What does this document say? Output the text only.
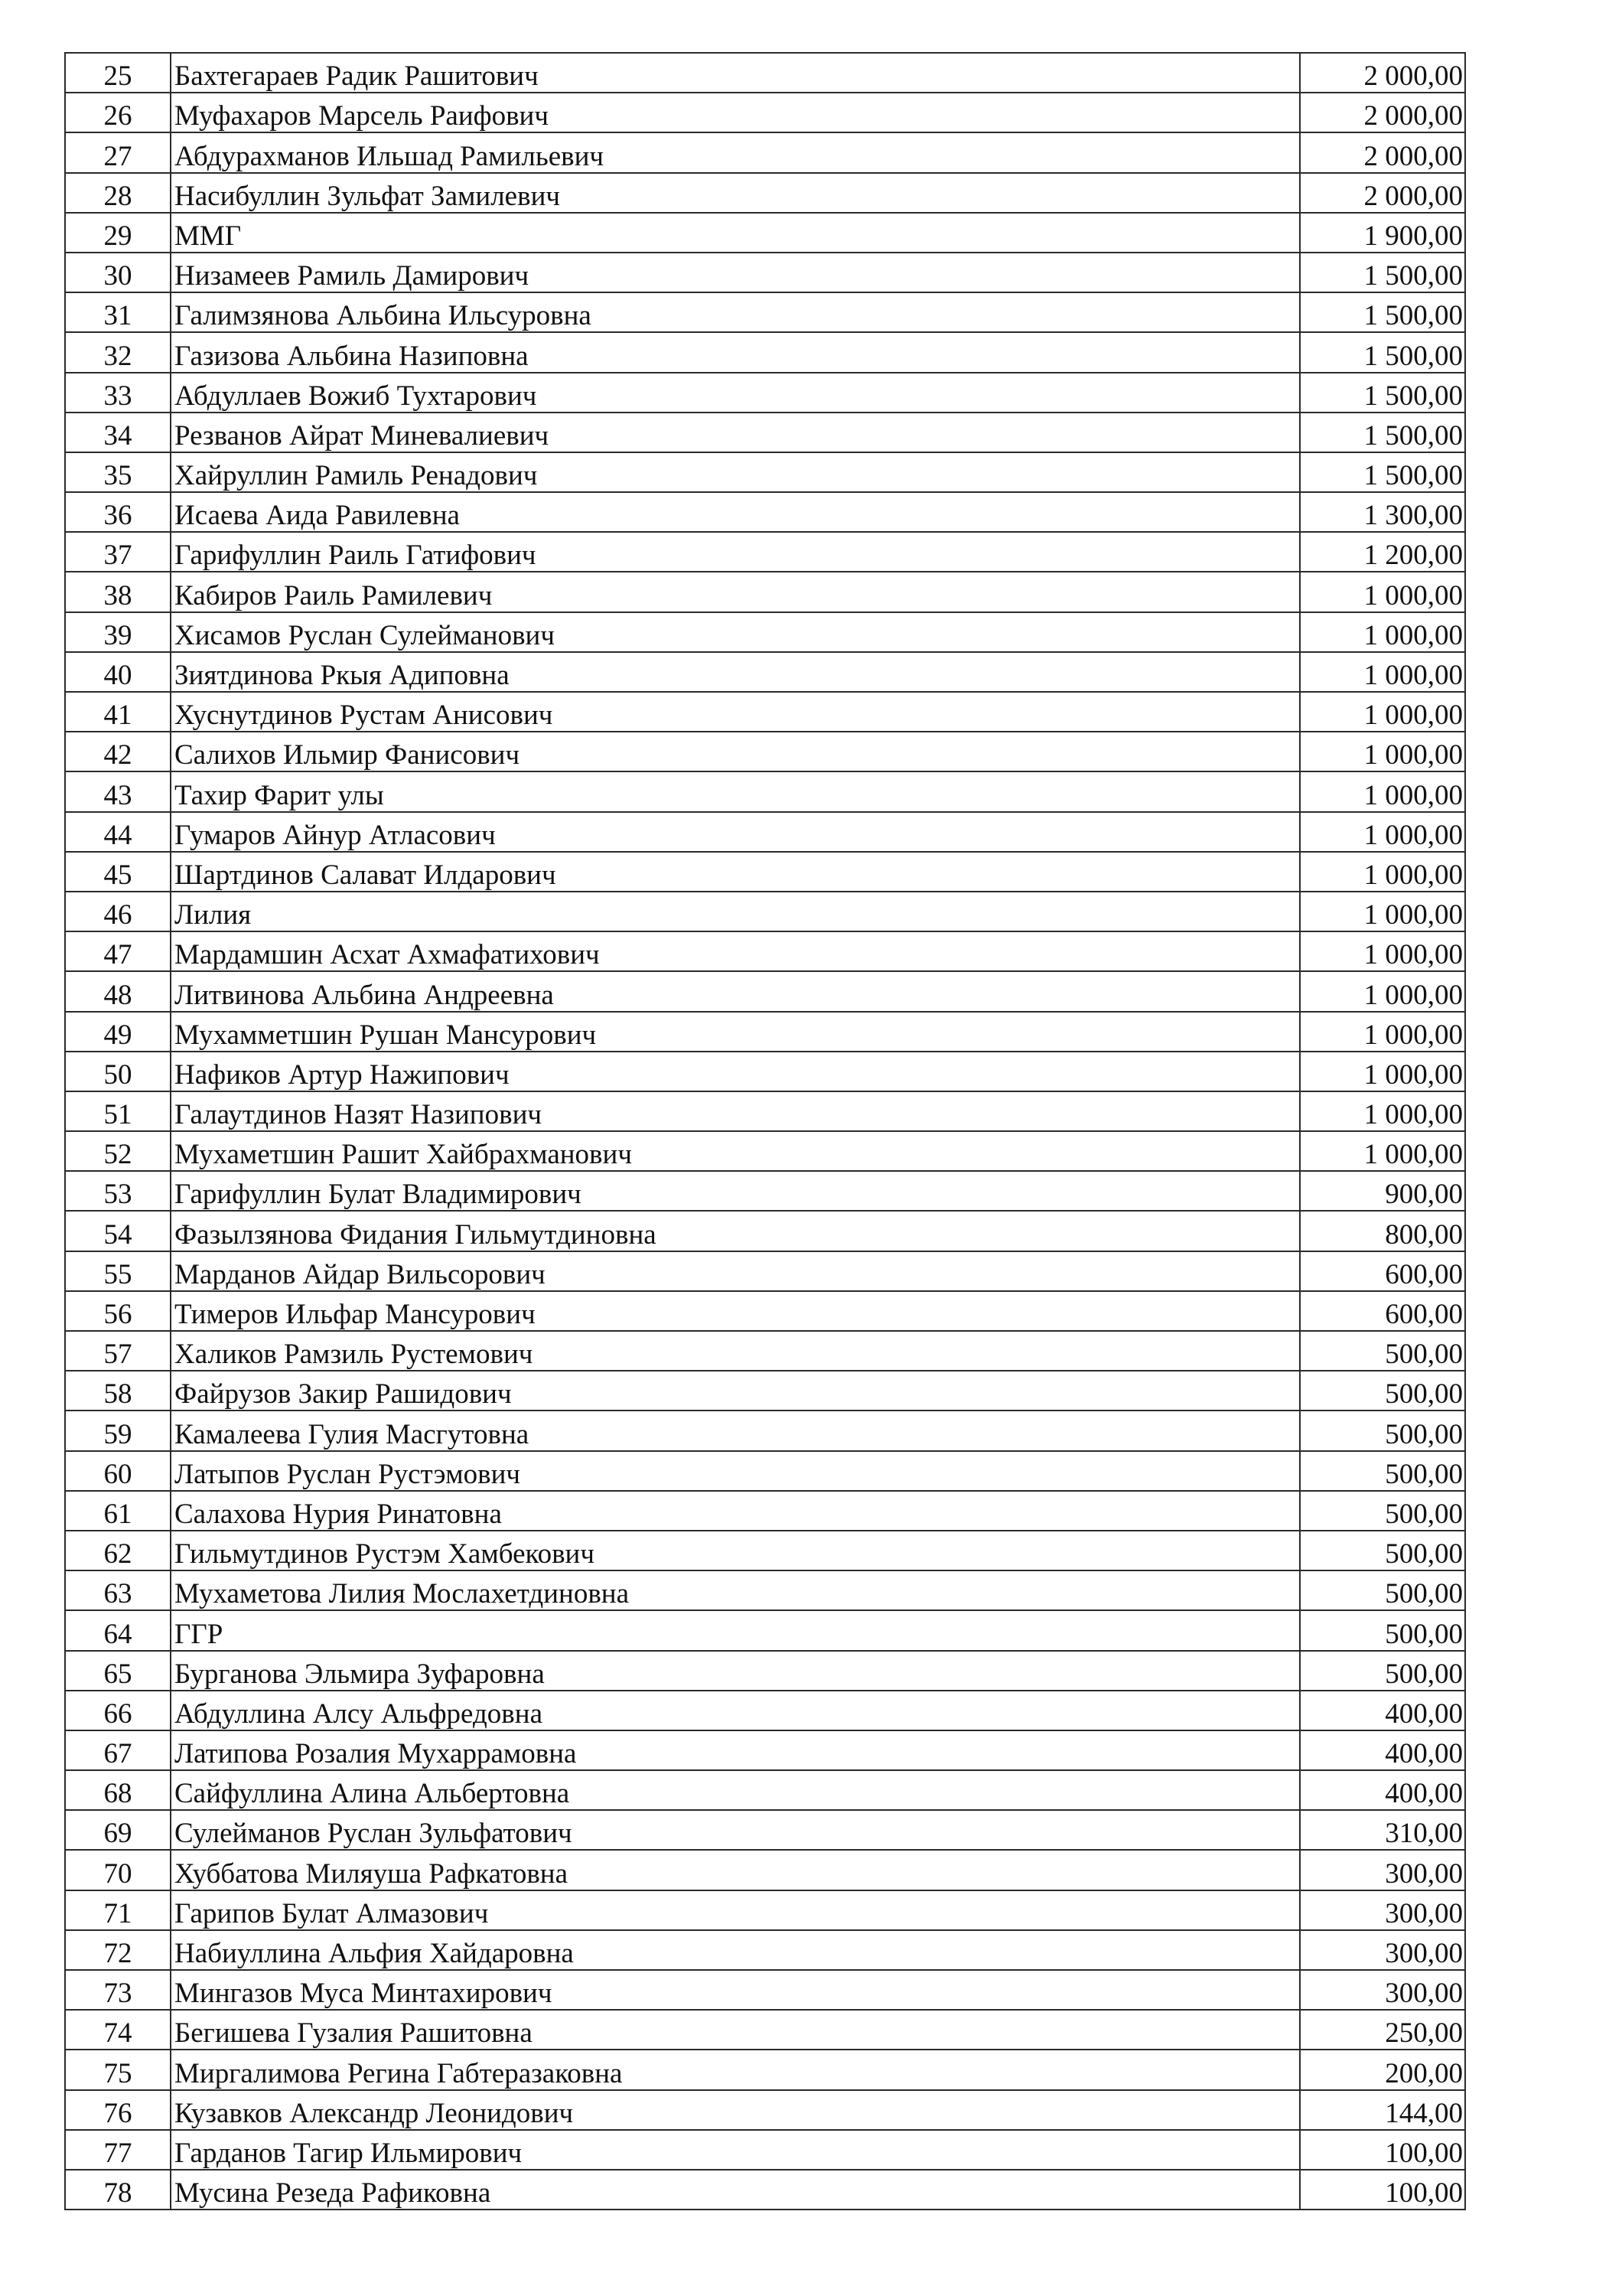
25	Бахтегараев Радик Рашитович	2 000,00
26	Муфахаров Марсель Раифович	2 000,00
27	Абдурахманов Ильшад Рамильевич	2 000,00
28	Насибуллин Зульфат Замилевич	2 000,00
29	ММГ	1 900,00
30	Низамеев Рамиль Дамирович	1 500,00
31	Галимзянова Альбина Ильсуровна	1 500,00
32	Газизова Альбина Назиповна	1 500,00
33	Абдуллаев Вожиб Тухтарович	1 500,00
34	Резванов Айрат Миневалиевич	1 500,00
35	Хайруллин Рамиль Ренадович	1 500,00
36	Исаева Аида Равилевна	1 300,00
37	Гарифуллин Раиль Гатифович	1 200,00
38	Кабиров Раиль Рамилевич	1 000,00
39	Хисамов Руслан Сулейманович	1 000,00
40	Зиятдинова Ркыя Адиповна	1 000,00
41	Хуснутдинов Рустам Анисович	1 000,00
42	Салихов Ильмир Фанисович	1 000,00
43	Тахир Фарит улы	1 000,00
44	Гумаров Айнур Атласович	1 000,00
45	Шартдинов Салават Илдарович	1 000,00
46	Лилия	1 000,00
47	Мардамшин Асхат Ахмафатихович	1 000,00
48	Литвинова Альбина Андреевна	1 000,00
49	Мухамметшин Рушан Мансурович	1 000,00
50	Нафиков Артур Нажипович	1 000,00
51	Галаутдинов Назят Назипович	1 000,00
52	Мухаметшин Рашит Хайбрахманович	1 000,00
53	Гарифуллин Булат Владимирович	900,00
54	Фазылзянова Фидания Гильмутдиновна	800,00
55	Марданов Айдар Вильсорович	600,00
56	Тимеров Ильфар Мансурович	600,00
57	Халиков Рамзиль Рустемович	500,00
58	Файрузов Закир Рашидович	500,00
59	Камалеева Гулия Масгутовна	500,00
60	Латыпов Руслан Рустэмович	500,00
61	Салахова Нурия Ринатовна	500,00
62	Гильмутдинов Рустэм Хамбекович	500,00
63	Мухаметова Лилия Мослахетдиновна	500,00
64	ГГР	500,00
65	Бурганова Эльмира Зуфаровна	500,00
66	Абдуллина Алсу Альфредовна	400,00
67	Латипова Розалия Мухаррамовна	400,00
68	Сайфуллина Алина Альбертовна	400,00
69	Сулейманов Руслан Зульфатович	310,00
70	Хуббатова Миляуша Рафкатовна	300,00
71	Гарипов Булат Алмазович	300,00
72	Набиуллина Альфия Хайдаровна	300,00
73	Мингазов Муса Минтахирович	300,00
74	Бегишева Гузалия Рашитовна	250,00
75	Миргалимова Регина Габтеразаковна	200,00
76	Кузавков Александр Леонидович	144,00
77	Гарданов Тагир Ильмирович	100,00
78	Мусина Резеда Рафиковна	100,00
